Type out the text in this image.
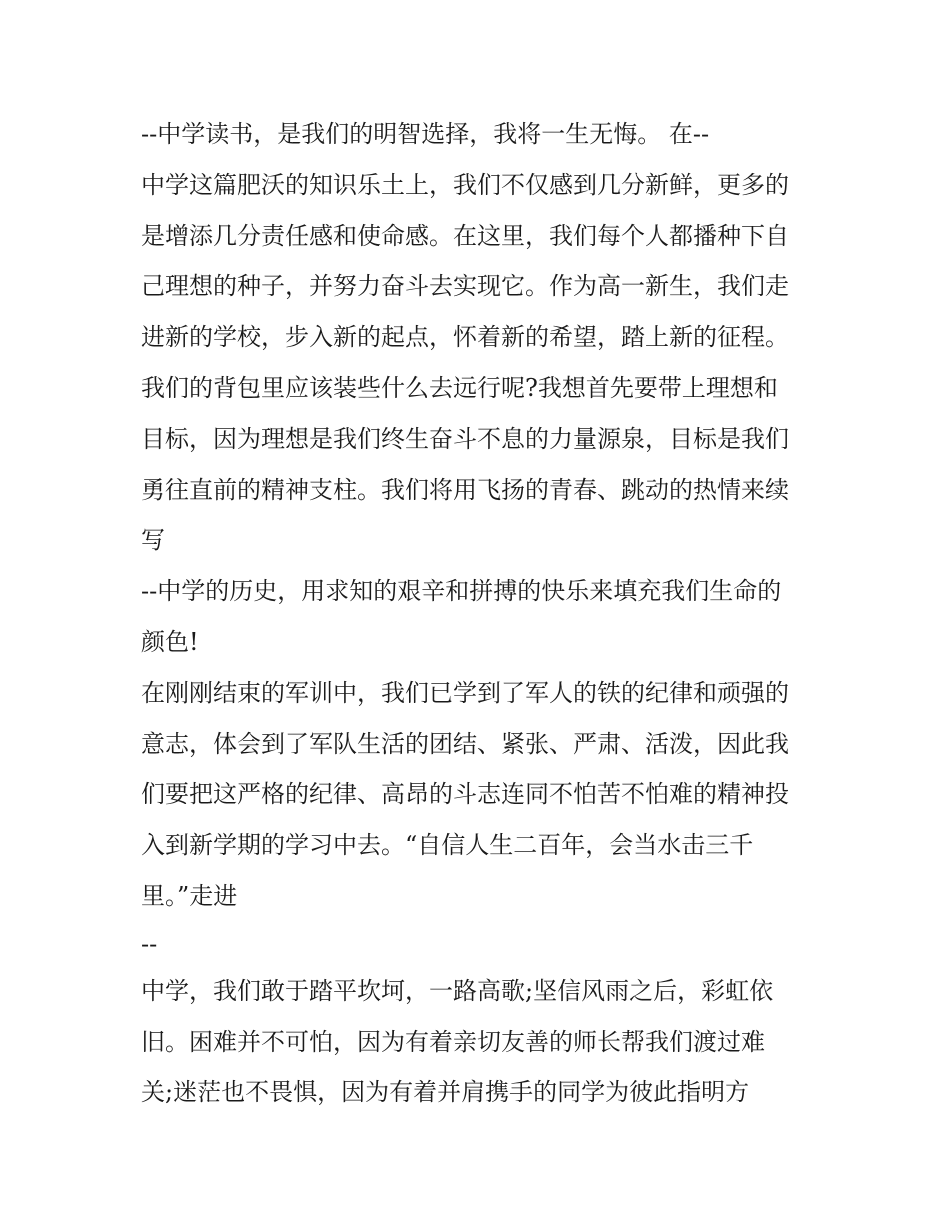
--中学读书，是我们的明智选择，我将一生无悔。 在--
中学这篇肥沃的知识乐土上，我们不仅感到几分新鲜，更多的
是增添几分责任感和使命感。在这里，我们每个人都播种下自
己理想的种子，并努力奋斗去实现它。作为高一新生，我们走
进新的学校，步入新的起点，怀着新的希望，踏上新的征程。
我们的背包里应该装些什么去远行呢?我想首先要带上理想和
目标，因为理想是我们终生奋斗不息的力量源泉，目标是我们
勇往直前的精神支柱。我们将用飞扬的青春、跳动的热情来续
写
--中学的历史，用求知的艰辛和拼搏的快乐来填充我们生命的
颜色!
在刚刚结束的军训中，我们已学到了军人的铁的纪律和顽强的
意志，体会到了军队生活的团结、紧张、严肃、活泼，因此我
们要把这严格的纪律、高昂的斗志连同不怕苦不怕难的精神投
入到新学期的学习中去。“自信人生二百年，会当水击三千
里。”走进
--
中学，我们敢于踏平坎坷，一路高歌;坚信风雨之后，彩虹依
旧。困难并不可怕，因为有着亲切友善的师长帮我们渡过难
关;迷茫也不畏惧，因为有着并肩携手的同学为彼此指明方
